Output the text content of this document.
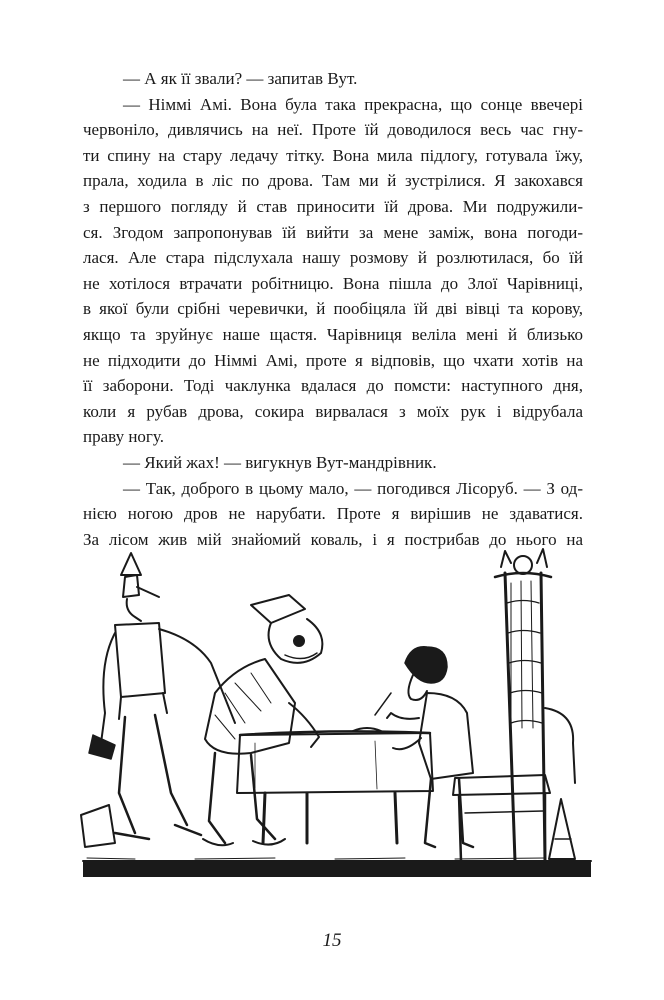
— А як її звали? — запитав Вут.
— Німмі Амі. Вона була така прекрасна, що сонце ввечері
червоніло, дивлячись на неї. Проте їй доводилося весь час гну-
ти спину на стару ледачу тітку. Вона мила підлогу, готувала їжу,
прала, ходила в ліс по дрова. Там ми й зустрілися. Я закохався
з першого погляду й став приносити їй дрова. Ми подружили-
ся. Згодом запропонував їй вийти за мене заміж, вона погоди-
лася. Але стара підслухала нашу розмову й розлютилася, бо їй
не хотілося втрачати робітницю. Вона пішла до Злої Чарівниці,
в якої були срібні черевички, й пообіцяла їй дві вівці та корову,
якщо та зруйнує наше щастя. Чарівниця веліла мені й близько
не підходити до Німмі Амі, проте я відповів, що чхати хотів на
її заборони. Тоді чаклунка вдалася до помсти: наступного дня,
коли я рубав дрова, сокира вирвалася з моїх рук і відрубала
праву ногу.
— Який жах! — вигукнув Вут-мандрівник.
— Так, доброго в цьому мало, — погодився Лісоруб. — З од-
нією ногою дров не нарубати. Проте я вирішив не здаватися.
За лісом жив мій знайомий коваль, і я пострибав до нього на
15
